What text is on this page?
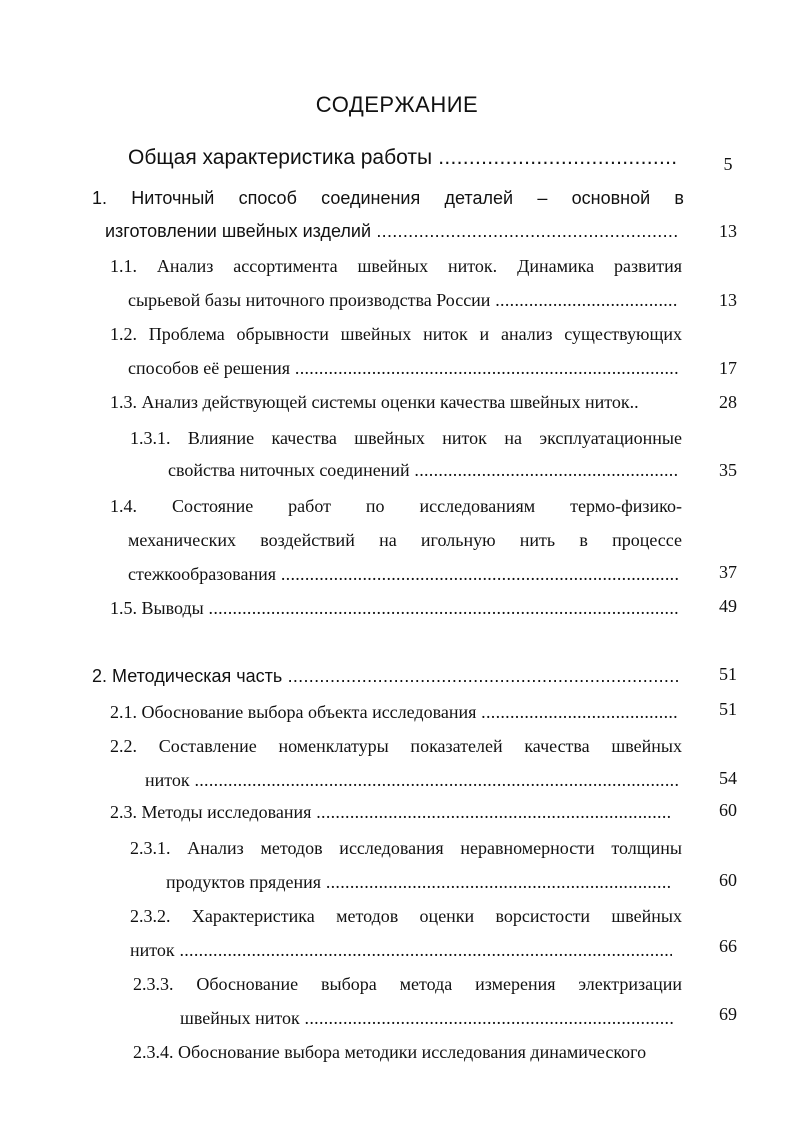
СОДЕРЖАНИЕ
Общая характеристика работы .....	5
1. Ниточный способ соединения деталей – основной в
изготовлении швейных изделий .....	13
1.1. Анализ ассортимента швейных ниток. Динамика развития
сырьевой базы ниточного производства России .....	13
1.2. Проблема обрывности швейных ниток и анализ существующих
способов её решения .....	17
1.3. Анализ действующей системы оценки качества швейных ниток..	28
1.3.1. Влияние качества швейных ниток на эксплуатационные
свойства ниточных соединений .....	35
1.4. Состояние работ по исследованиям термо-физико-
механических воздействий на игольную нить в процессе
стежкообразования .....	37
1.5. Выводы .....	49
2. Методическая часть .....	51
2.1. Обоснование выбора объекта исследования .....	51
2.2. Составление номенклатуры показателей качества швейных
ниток .....	54
2.3. Методы исследования .....	60
2.3.1. Анализ методов исследования неравномерности толщины
продуктов прядения .....	60
2.3.2. Характеристика методов оценки ворсистости швейных
ниток .....	66
2.3.3. Обоснование выбора метода измерения электризации
швейных ниток .....	69
2.3.4. Обоснование выбора методики исследования динамического
